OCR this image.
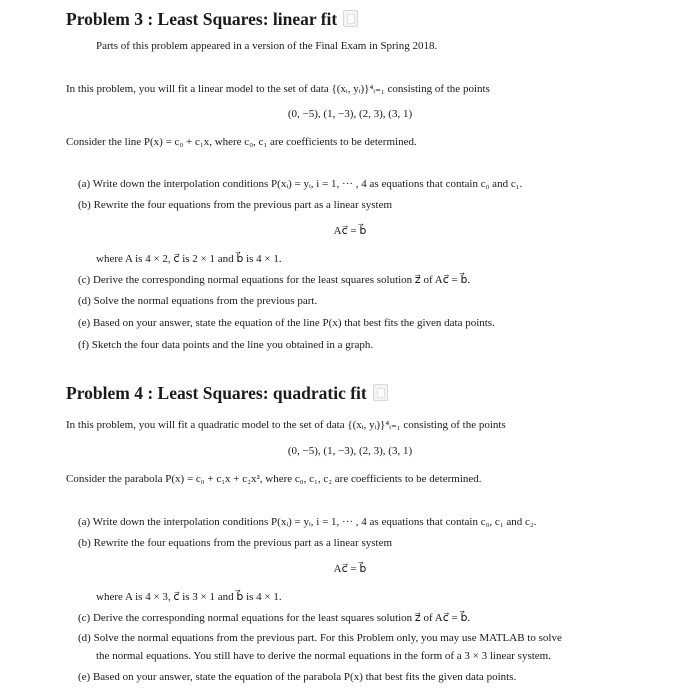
Problem 3 : Least Squares: linear fit
Parts of this problem appeared in a version of the Final Exam in Spring 2018.
In this problem, you will fit a linear model to the set of data {(xᵢ, yᵢ)}⁴ᵢ₌₁ consisting of the points
(0, −5), (1, −3), (2, 3), (3, 1)
Consider the line P(x) = c₀ + c₁x, where c₀, c₁ are coefficients to be determined.
(a) Write down the interpolation conditions P(xᵢ) = yᵢ, i = 1, ··· , 4 as equations that contain c₀ and c₁.
(b) Rewrite the four equations from the previous part as a linear system
Ac⃗ = b⃗
where A is 4 × 2, c⃗ is 2 × 1 and b⃗ is 4 × 1.
(c) Derive the corresponding normal equations for the least squares solution z⃗ of Ac⃗ = b⃗.
(d) Solve the normal equations from the previous part.
(e) Based on your answer, state the equation of the line P(x) that best fits the given data points.
(f) Sketch the four data points and the line you obtained in a graph.
Problem 4 : Least Squares: quadratic fit
In this problem, you will fit a quadratic model to the set of data {(xᵢ, yᵢ)}⁴ᵢ₌₁ consisting of the points
(0, −5), (1, −3), (2, 3), (3, 1)
Consider the parabola P(x) = c₀ + c₁x + c₂x², where c₀, c₁, c₂ are coefficients to be determined.
(a) Write down the interpolation conditions P(xᵢ) = yᵢ, i = 1, ··· , 4 as equations that contain c₀, c₁ and c₂.
(b) Rewrite the four equations from the previous part as a linear system
Ac⃗ = b⃗
where A is 4 × 3, c⃗ is 3 × 1 and b⃗ is 4 × 1.
(c) Derive the corresponding normal equations for the least squares solution z⃗ of Ac⃗ = b⃗.
(d) Solve the normal equations from the previous part. For this Problem only, you may use MATLAB to solve
the normal equations. You still have to derive the normal equations in the form of a 3 × 3 linear system.
(e) Based on your answer, state the equation of the parabola P(x) that best fits the given data points.
